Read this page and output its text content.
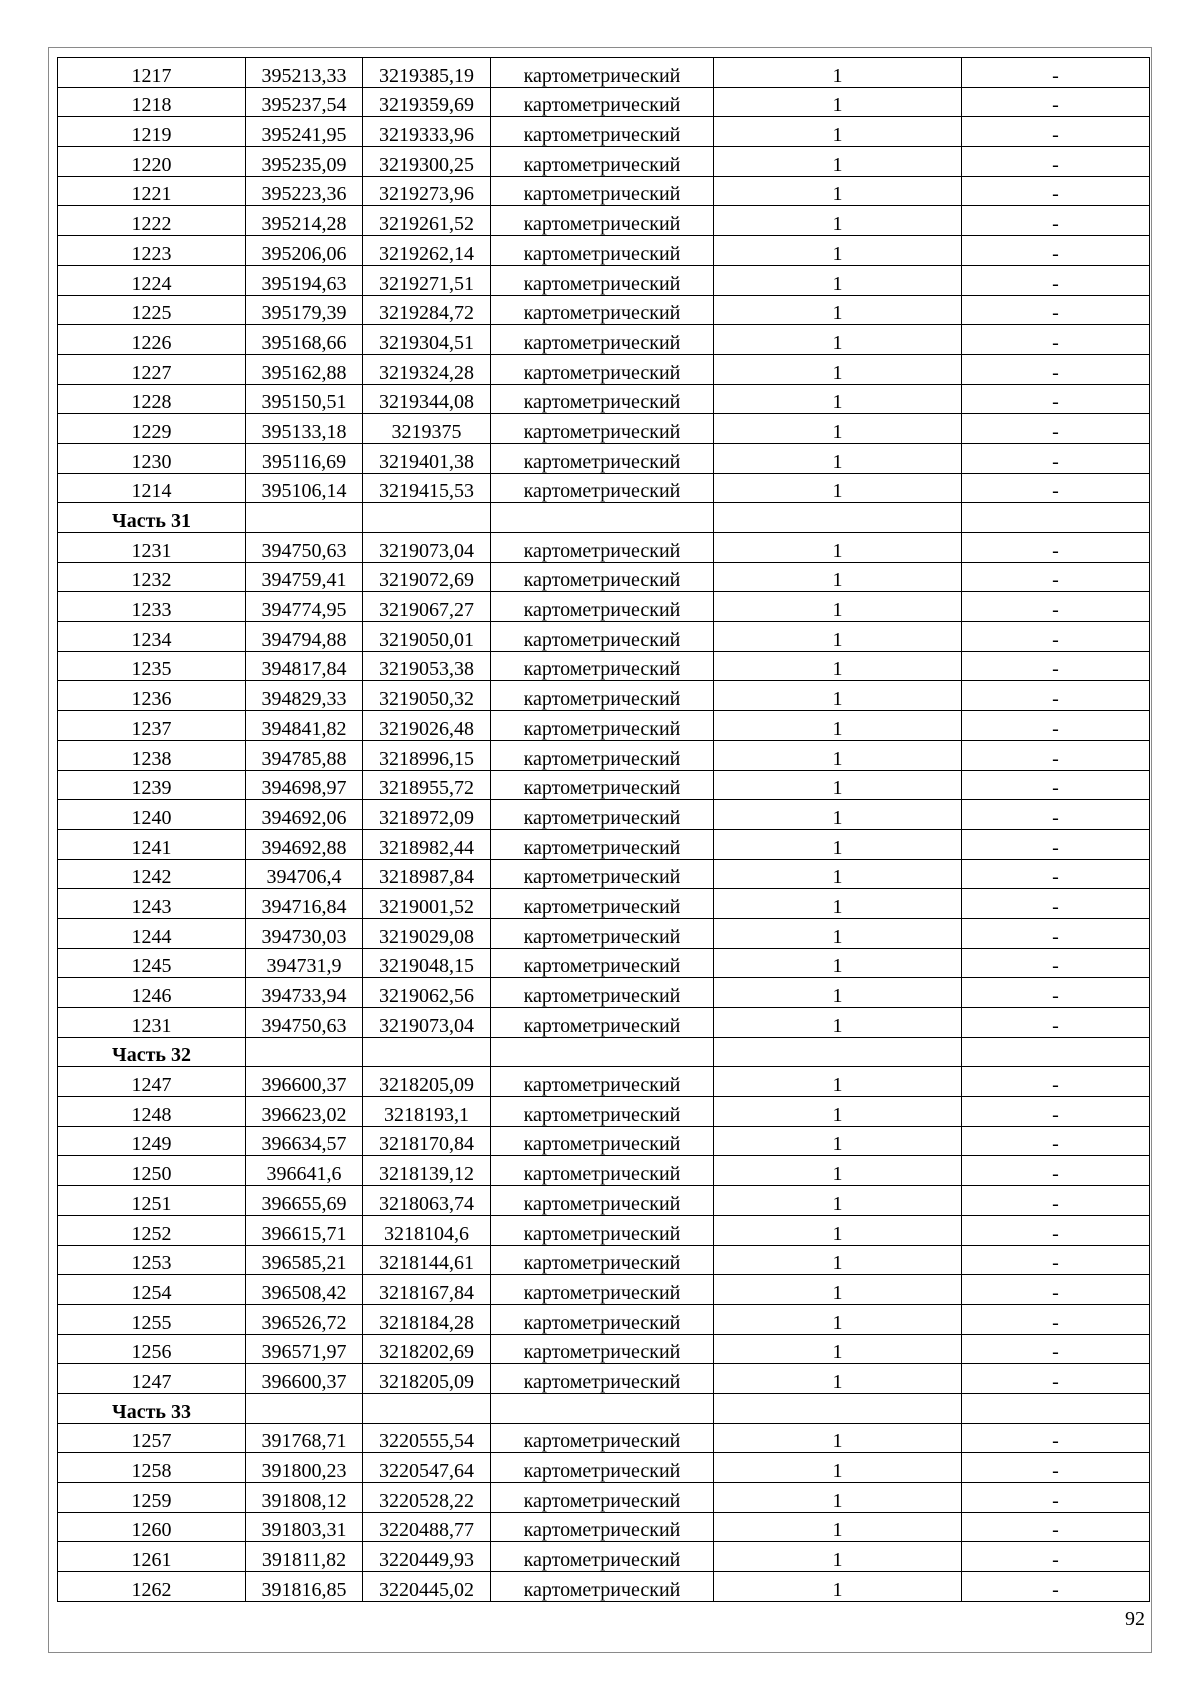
1217	395213,33	3219385,19	картометрический	1	-
1218	395237,54	3219359,69	картометрический	1	-
1219	395241,95	3219333,96	картометрический	1	-
1220	395235,09	3219300,25	картометрический	1	-
1221	395223,36	3219273,96	картометрический	1	-
1222	395214,28	3219261,52	картометрический	1	-
1223	395206,06	3219262,14	картометрический	1	-
1224	395194,63	3219271,51	картометрический	1	-
1225	395179,39	3219284,72	картометрический	1	-
1226	395168,66	3219304,51	картометрический	1	-
1227	395162,88	3219324,28	картометрический	1	-
1228	395150,51	3219344,08	картометрический	1	-
1229	395133,18	3219375	картометрический	1	-
1230	395116,69	3219401,38	картометрический	1	-
1214	395106,14	3219415,53	картометрический	1	-
Часть 31					
1231	394750,63	3219073,04	картометрический	1	-
1232	394759,41	3219072,69	картометрический	1	-
1233	394774,95	3219067,27	картометрический	1	-
1234	394794,88	3219050,01	картометрический	1	-
1235	394817,84	3219053,38	картометрический	1	-
1236	394829,33	3219050,32	картометрический	1	-
1237	394841,82	3219026,48	картометрический	1	-
1238	394785,88	3218996,15	картометрический	1	-
1239	394698,97	3218955,72	картометрический	1	-
1240	394692,06	3218972,09	картометрический	1	-
1241	394692,88	3218982,44	картометрический	1	-
1242	394706,4	3218987,84	картометрический	1	-
1243	394716,84	3219001,52	картометрический	1	-
1244	394730,03	3219029,08	картометрический	1	-
1245	394731,9	3219048,15	картометрический	1	-
1246	394733,94	3219062,56	картометрический	1	-
1231	394750,63	3219073,04	картометрический	1	-
Часть 32					
1247	396600,37	3218205,09	картометрический	1	-
1248	396623,02	3218193,1	картометрический	1	-
1249	396634,57	3218170,84	картометрический	1	-
1250	396641,6	3218139,12	картометрический	1	-
1251	396655,69	3218063,74	картометрический	1	-
1252	396615,71	3218104,6	картометрический	1	-
1253	396585,21	3218144,61	картометрический	1	-
1254	396508,42	3218167,84	картометрический	1	-
1255	396526,72	3218184,28	картометрический	1	-
1256	396571,97	3218202,69	картометрический	1	-
1247	396600,37	3218205,09	картометрический	1	-
Часть 33					
1257	391768,71	3220555,54	картометрический	1	-
1258	391800,23	3220547,64	картометрический	1	-
1259	391808,12	3220528,22	картометрический	1	-
1260	391803,31	3220488,77	картометрический	1	-
1261	391811,82	3220449,93	картометрический	1	-
1262	391816,85	3220445,02	картометрический	1	-
92
